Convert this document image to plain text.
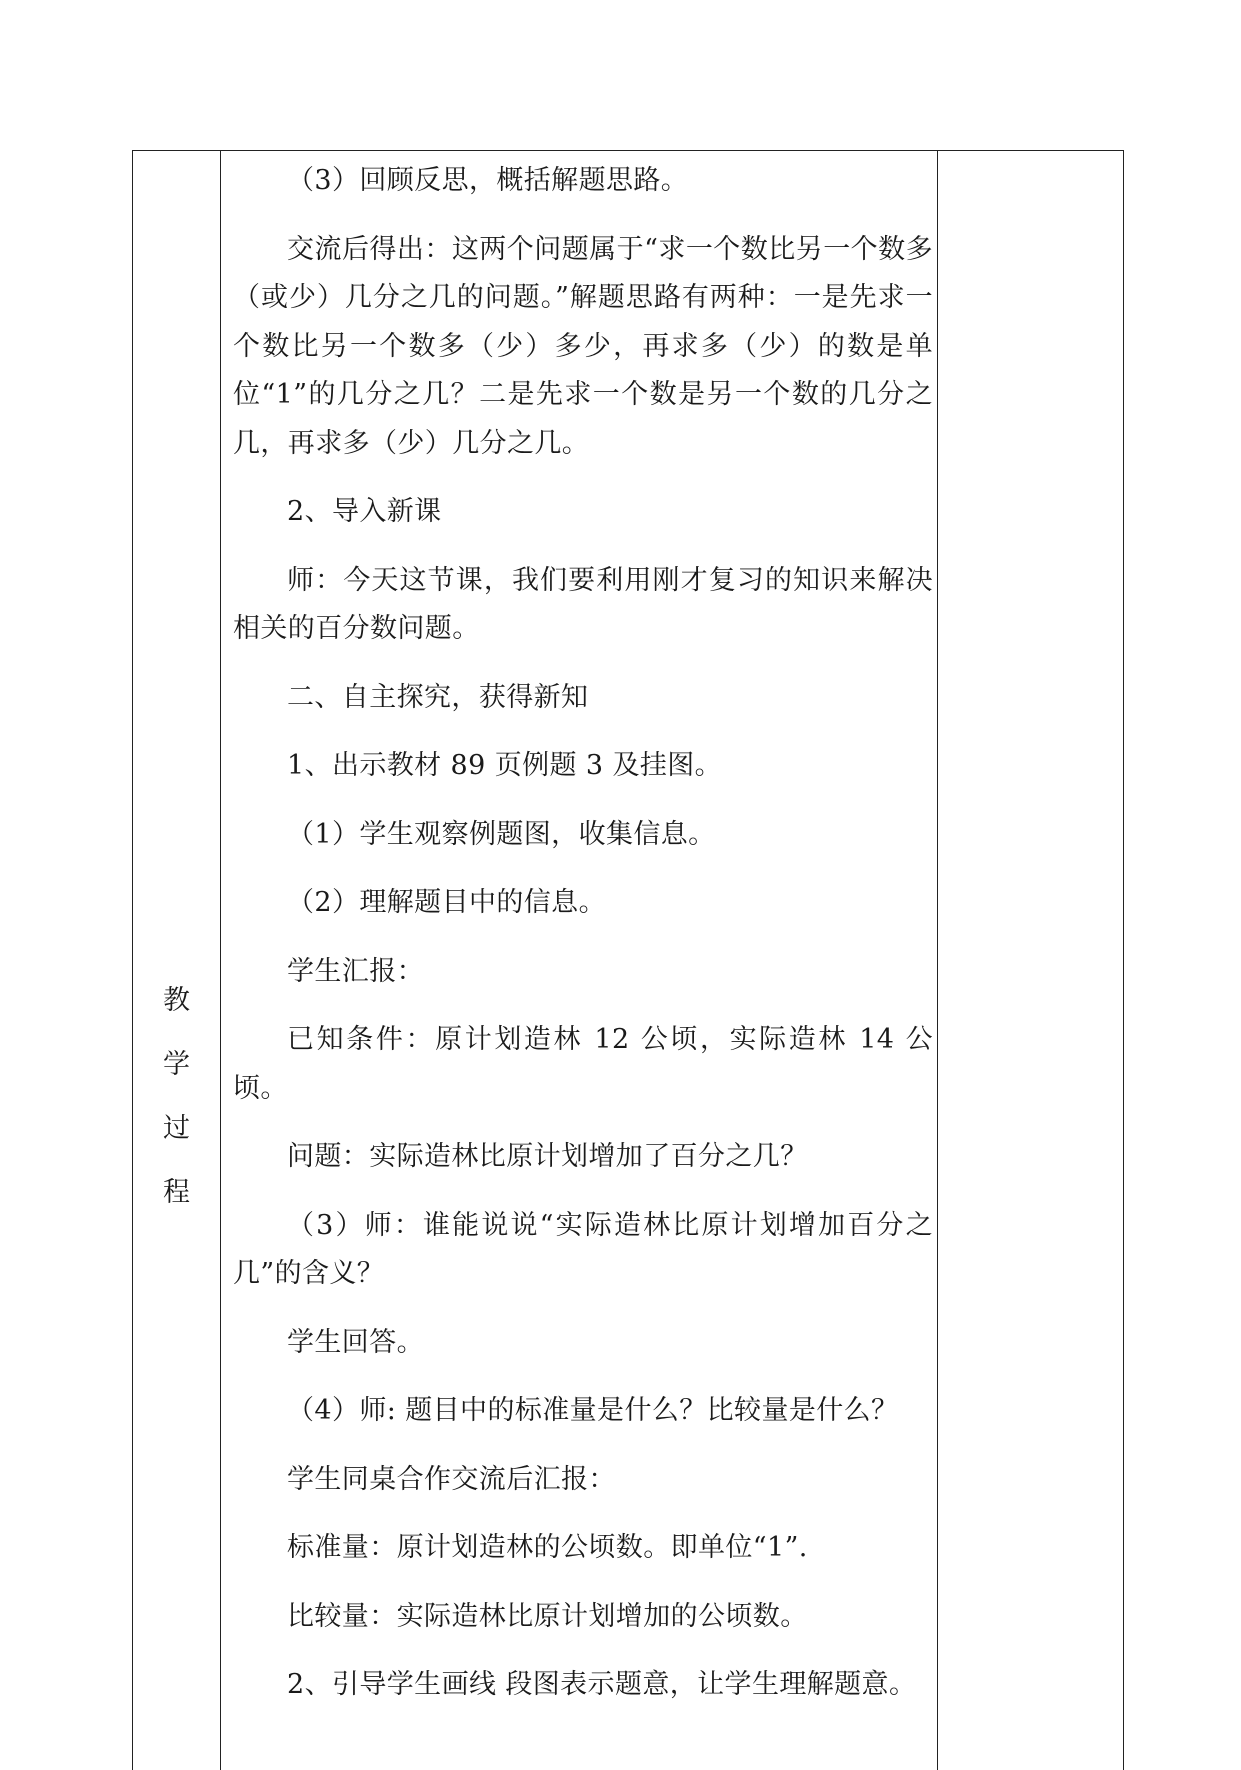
教
学
过
程

（3）回顾反思，概括解题思路。

交流后得出：这两个问题属于“求一个数比另一个数多（或少）几分之几的问题。”解题思路有两种：一是先求一个数比另一个数多（少）多少，再求多（少）的数是单位“1”的几分之几？二是先求一个数是另一个数的几分之几，再求多（少）几分之几。

2、导入新课

师：今天这节课，我们要利用刚才复习的知识来解决相关的百分数问题。

二、自主探究，获得新知

1、出示教材 89 页例题 3 及挂图。

（1）学生观察例题图，收集信息。

（2）理解题目中的信息。

学生汇报：

已知条件：原计划造林 12 公顷，实际造林 14 公顷。

问题：实际造林比原计划增加了百分之几？

（3）师：谁能说说“实际造林比原计划增加百分之几”的含义？

学生回答。

（4）师: 题目中的标准量是什么？比较量是什么？

学生同桌合作交流后汇报：

标准量：原计划造林的公顷数。即单位“1”.

比较量：实际造林比原计划增加的公顷数。

2、引导学生画线 段图表示题意，让学生理解题意。
